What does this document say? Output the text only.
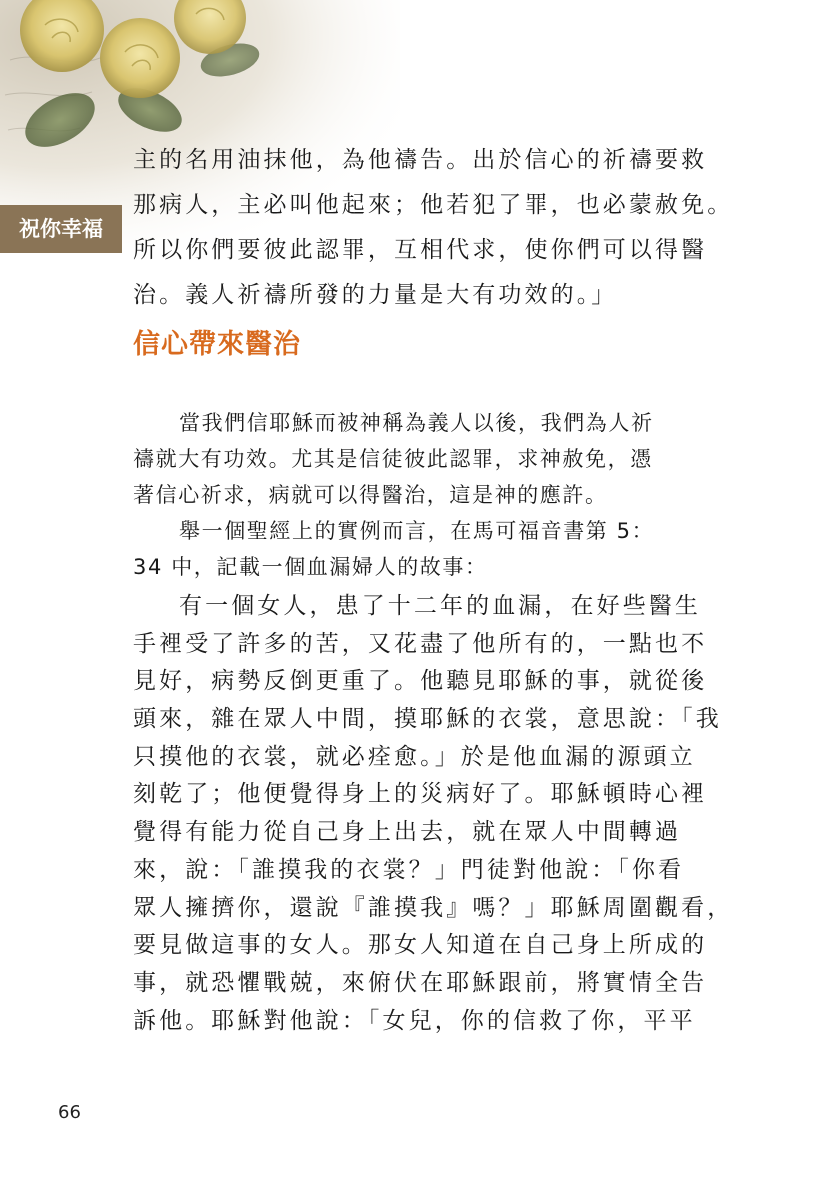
祝你幸福
主的名用油抹他，為他禱告。出於信心的祈禱要救
那病人，主必叫他起來；他若犯了罪，也必蒙赦免。
所以你們要彼此認罪，互相代求，使你們可以得醫
治。義人祈禱所發的力量是大有功效的。」
信心帶來醫治
當我們信耶穌而被神稱為義人以後，我們為人祈
禱就大有功效。尤其是信徒彼此認罪，求神赦免，憑
著信心祈求，病就可以得醫治，這是神的應許。
舉一個聖經上的實例而言，在馬可福音書第 5：
34 中，記載一個血漏婦人的故事：
有一個女人，患了十二年的血漏，在好些醫生
手裡受了許多的苦，又花盡了他所有的，一點也不
見好，病勢反倒更重了。他聽見耶穌的事，就從後
頭來，雜在眾人中間，摸耶穌的衣裳，意思說：「我
只摸他的衣裳，就必痊愈。」於是他血漏的源頭立
刻乾了；他便覺得身上的災病好了。耶穌頓時心裡
覺得有能力從自己身上出去，就在眾人中間轉過
來，說：「誰摸我的衣裳？」門徒對他說：「你看
眾人擁擠你，還說『誰摸我』嗎？」耶穌周圍觀看，
要見做這事的女人。那女人知道在自己身上所成的
事，就恐懼戰兢，來俯伏在耶穌跟前，將實情全告
訴他。耶穌對他說：「女兒，你的信救了你，平平
66
